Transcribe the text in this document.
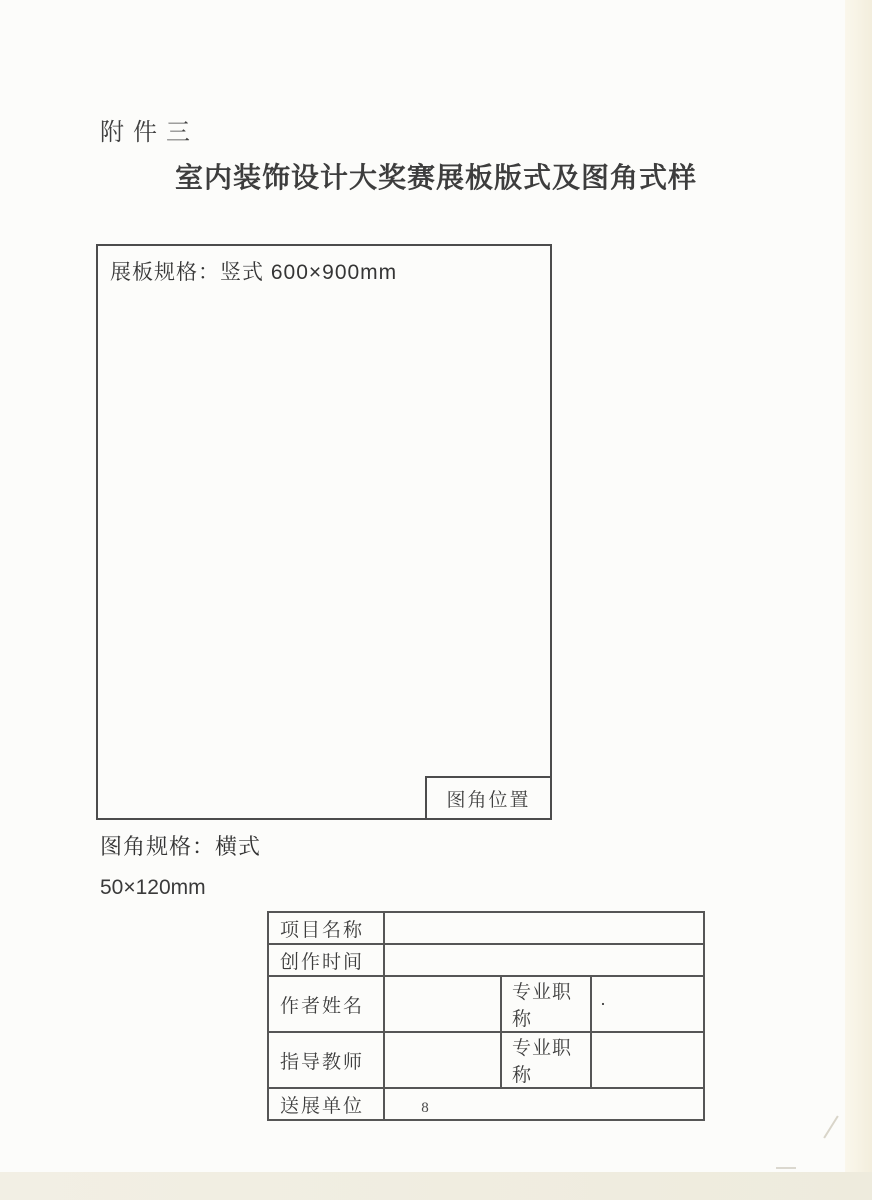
附件三
室内装饰设计大奖赛展板版式及图角式样
展板规格：竖式 600×900mm
图角位置
图角规格：横式
50×120mm
项目名称			
创作时间			
作者姓名		专业职称	·
指导教师		专业职称	
送展单位				8
